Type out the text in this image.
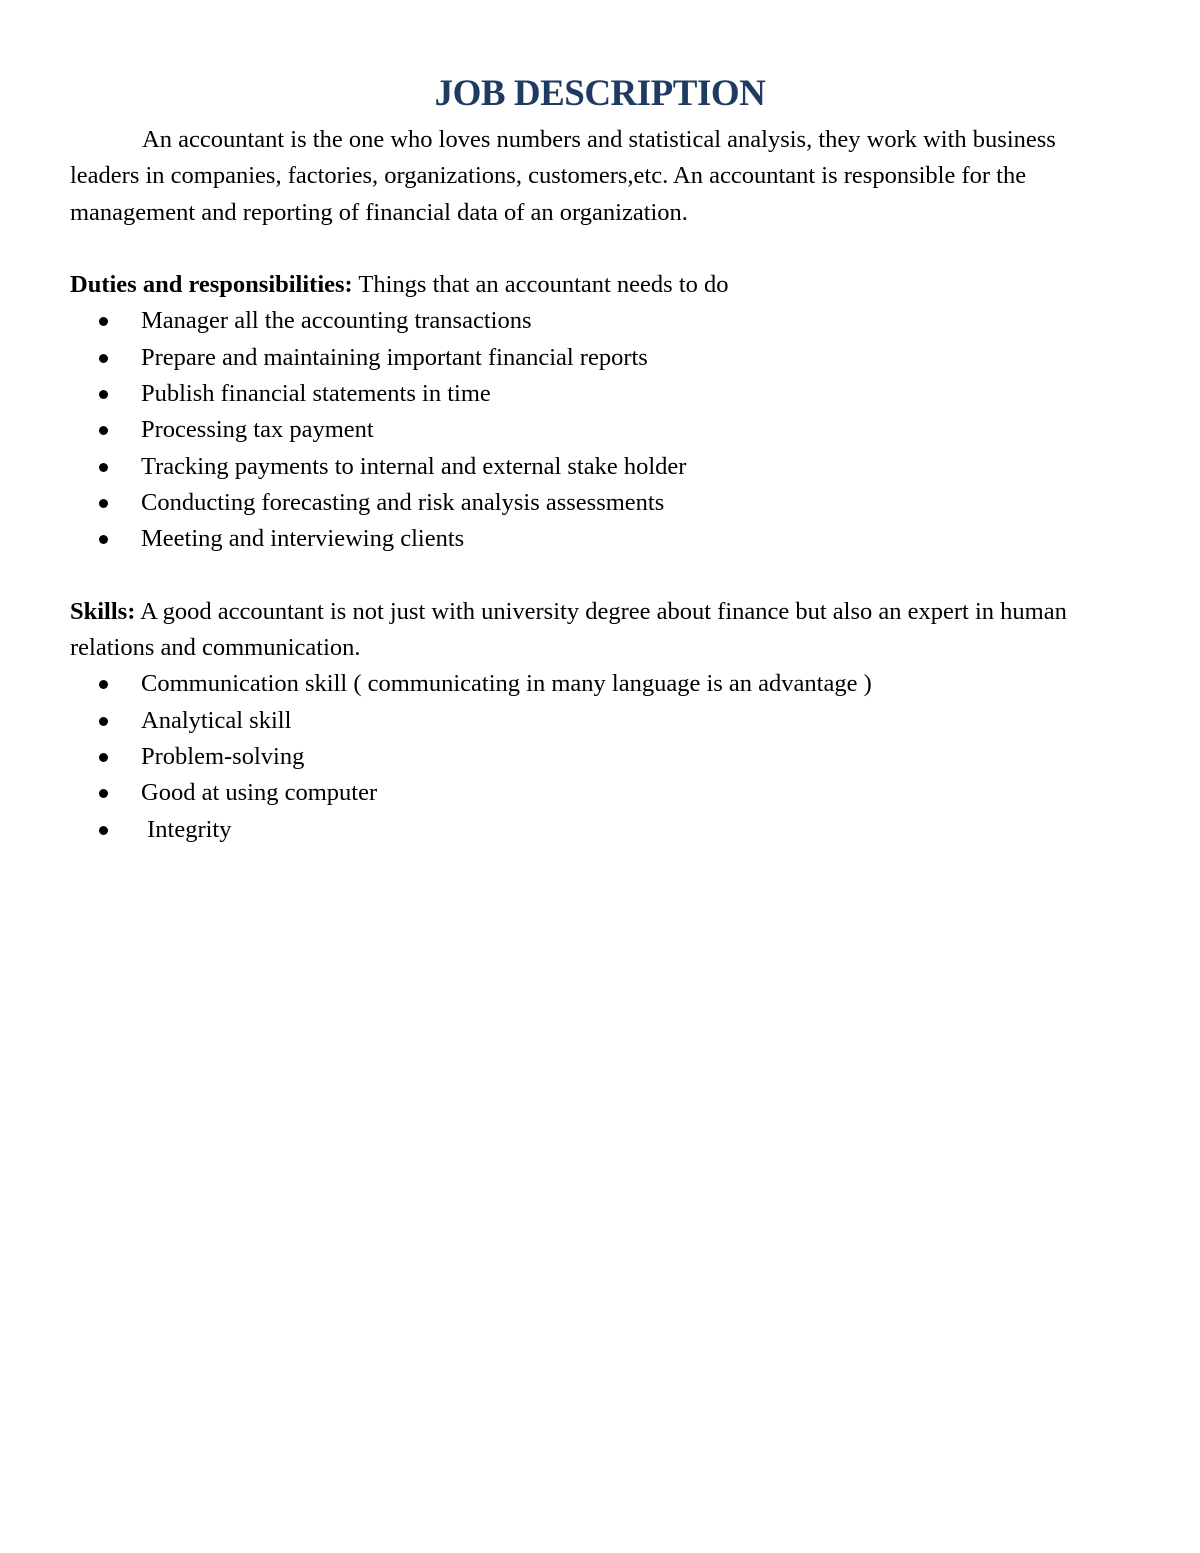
JOB DESCRIPTION

An accountant is the one who loves numbers and statistical analysis, they work with business leaders in companies, factories, organizations, customers,etc. An accountant is responsible for the management and reporting of financial data of an organization.

Duties and responsibilities: Things that an accountant needs to do

Manager all the accounting transactions
Prepare and maintaining important financial reports
Publish financial statements in time
Processing tax payment
Tracking payments to internal and external stake holder
Conducting forecasting and risk analysis assessments
Meeting and interviewing clients

Skills: A good accountant is not just with university degree about finance but also an expert in human relations and communication.

Communication skill ( communicating in many language is an advantage )
Analytical skill
Problem-solving
Good at using computer
Integrity
